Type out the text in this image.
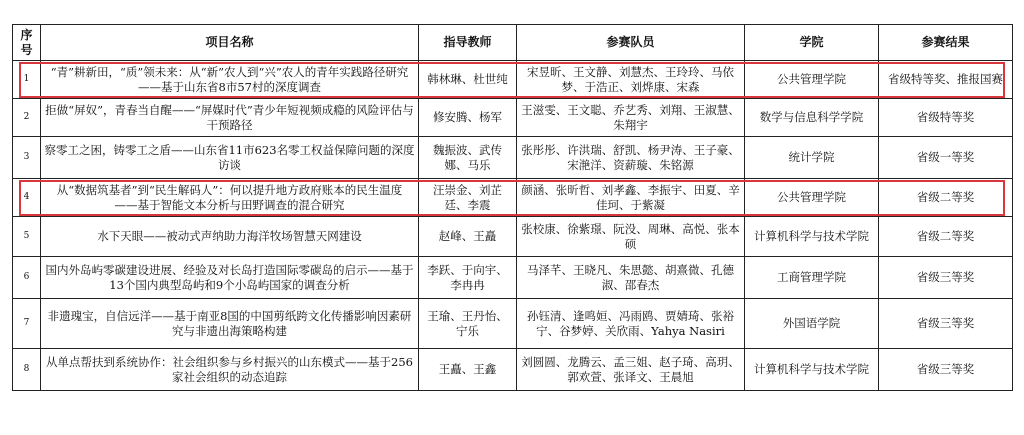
序号	项目名称	指导教师	参赛队员	学院	参赛结果
1	“青”耕新田，“质”领未来：从“新”农人到“兴”农人的青年实践路径研究——基于山东省8市57村的深度调查	韩林琳、杜世纯	宋昱昕、王文静、刘慧杰、王玲玲、马依梦、于浩正、刘烨康、宋森	公共管理学院	省级特等奖、推报国赛
2	拒做“屏奴”，青春当自醒——“屏媒时代”青少年短视频成瘾的风险评估与干预路径	修安腾、杨军	王滋雯、王文聪、乔艺秀、刘翔、王淑慧、朱翔宇	数学与信息科学学院	省级特等奖
3	察零工之困，铸零工之盾——山东省11市623名零工权益保障问题的深度访谈	魏振波、武传娜、马乐	张彤彤、许洪瑞、舒凯、杨尹涛、王子豪、宋滟洋、资薪璇、朱铭源	统计学院	省级一等奖
4	从“数据筑基者”到“民生解码人”：何以提升地方政府账本的民生温度 ——基于智能文本分析与田野调查的混合研究	汪崇金、刘芷廷、李震	颜涵、张昕哲、刘孝鑫、李振宇、田夏、辛佳珂、于紫凝	公共管理学院	省级二等奖
5	水下天眼——被动式声纳助力海洋牧场智慧天网建设	赵峰、王矗	张校康、徐紫璟、阮没、周琳、高悦、张本硕	计算机科学与技术学院	省级二等奖
6	国内外岛屿零碳建设进展、经验及对长岛打造国际零碳岛的启示——基于13个国内典型岛屿和9个小岛屿国家的调查分析	李跃、于向宇、李冉冉	马泽芊、王晓凡、朱思懿、胡熹微、孔德淑、邵春杰	工商管理学院	省级三等奖
7	非遗瑰宝，自信远洋——基于南亚8国的中国剪纸跨文化传播影响因素研究与非遗出海策略构建	王瑜、王丹怡、宁乐	孙钰清、逢鸣姮、冯雨鸥、贾婧琦、张裕宁、谷梦婷、关欣雨、Yahya Nasiri	外国语学院	省级三等奖
8	从单点帮扶到系统协作：社会组织参与乡村振兴的山东模式——基于256家社会组织的动态追踪	王矗、王鑫	刘圆圆、龙腾云、孟三姐、赵子琦、高玥、郭欢萱、张译文、王晨旭	计算机科学与技术学院	省级三等奖
